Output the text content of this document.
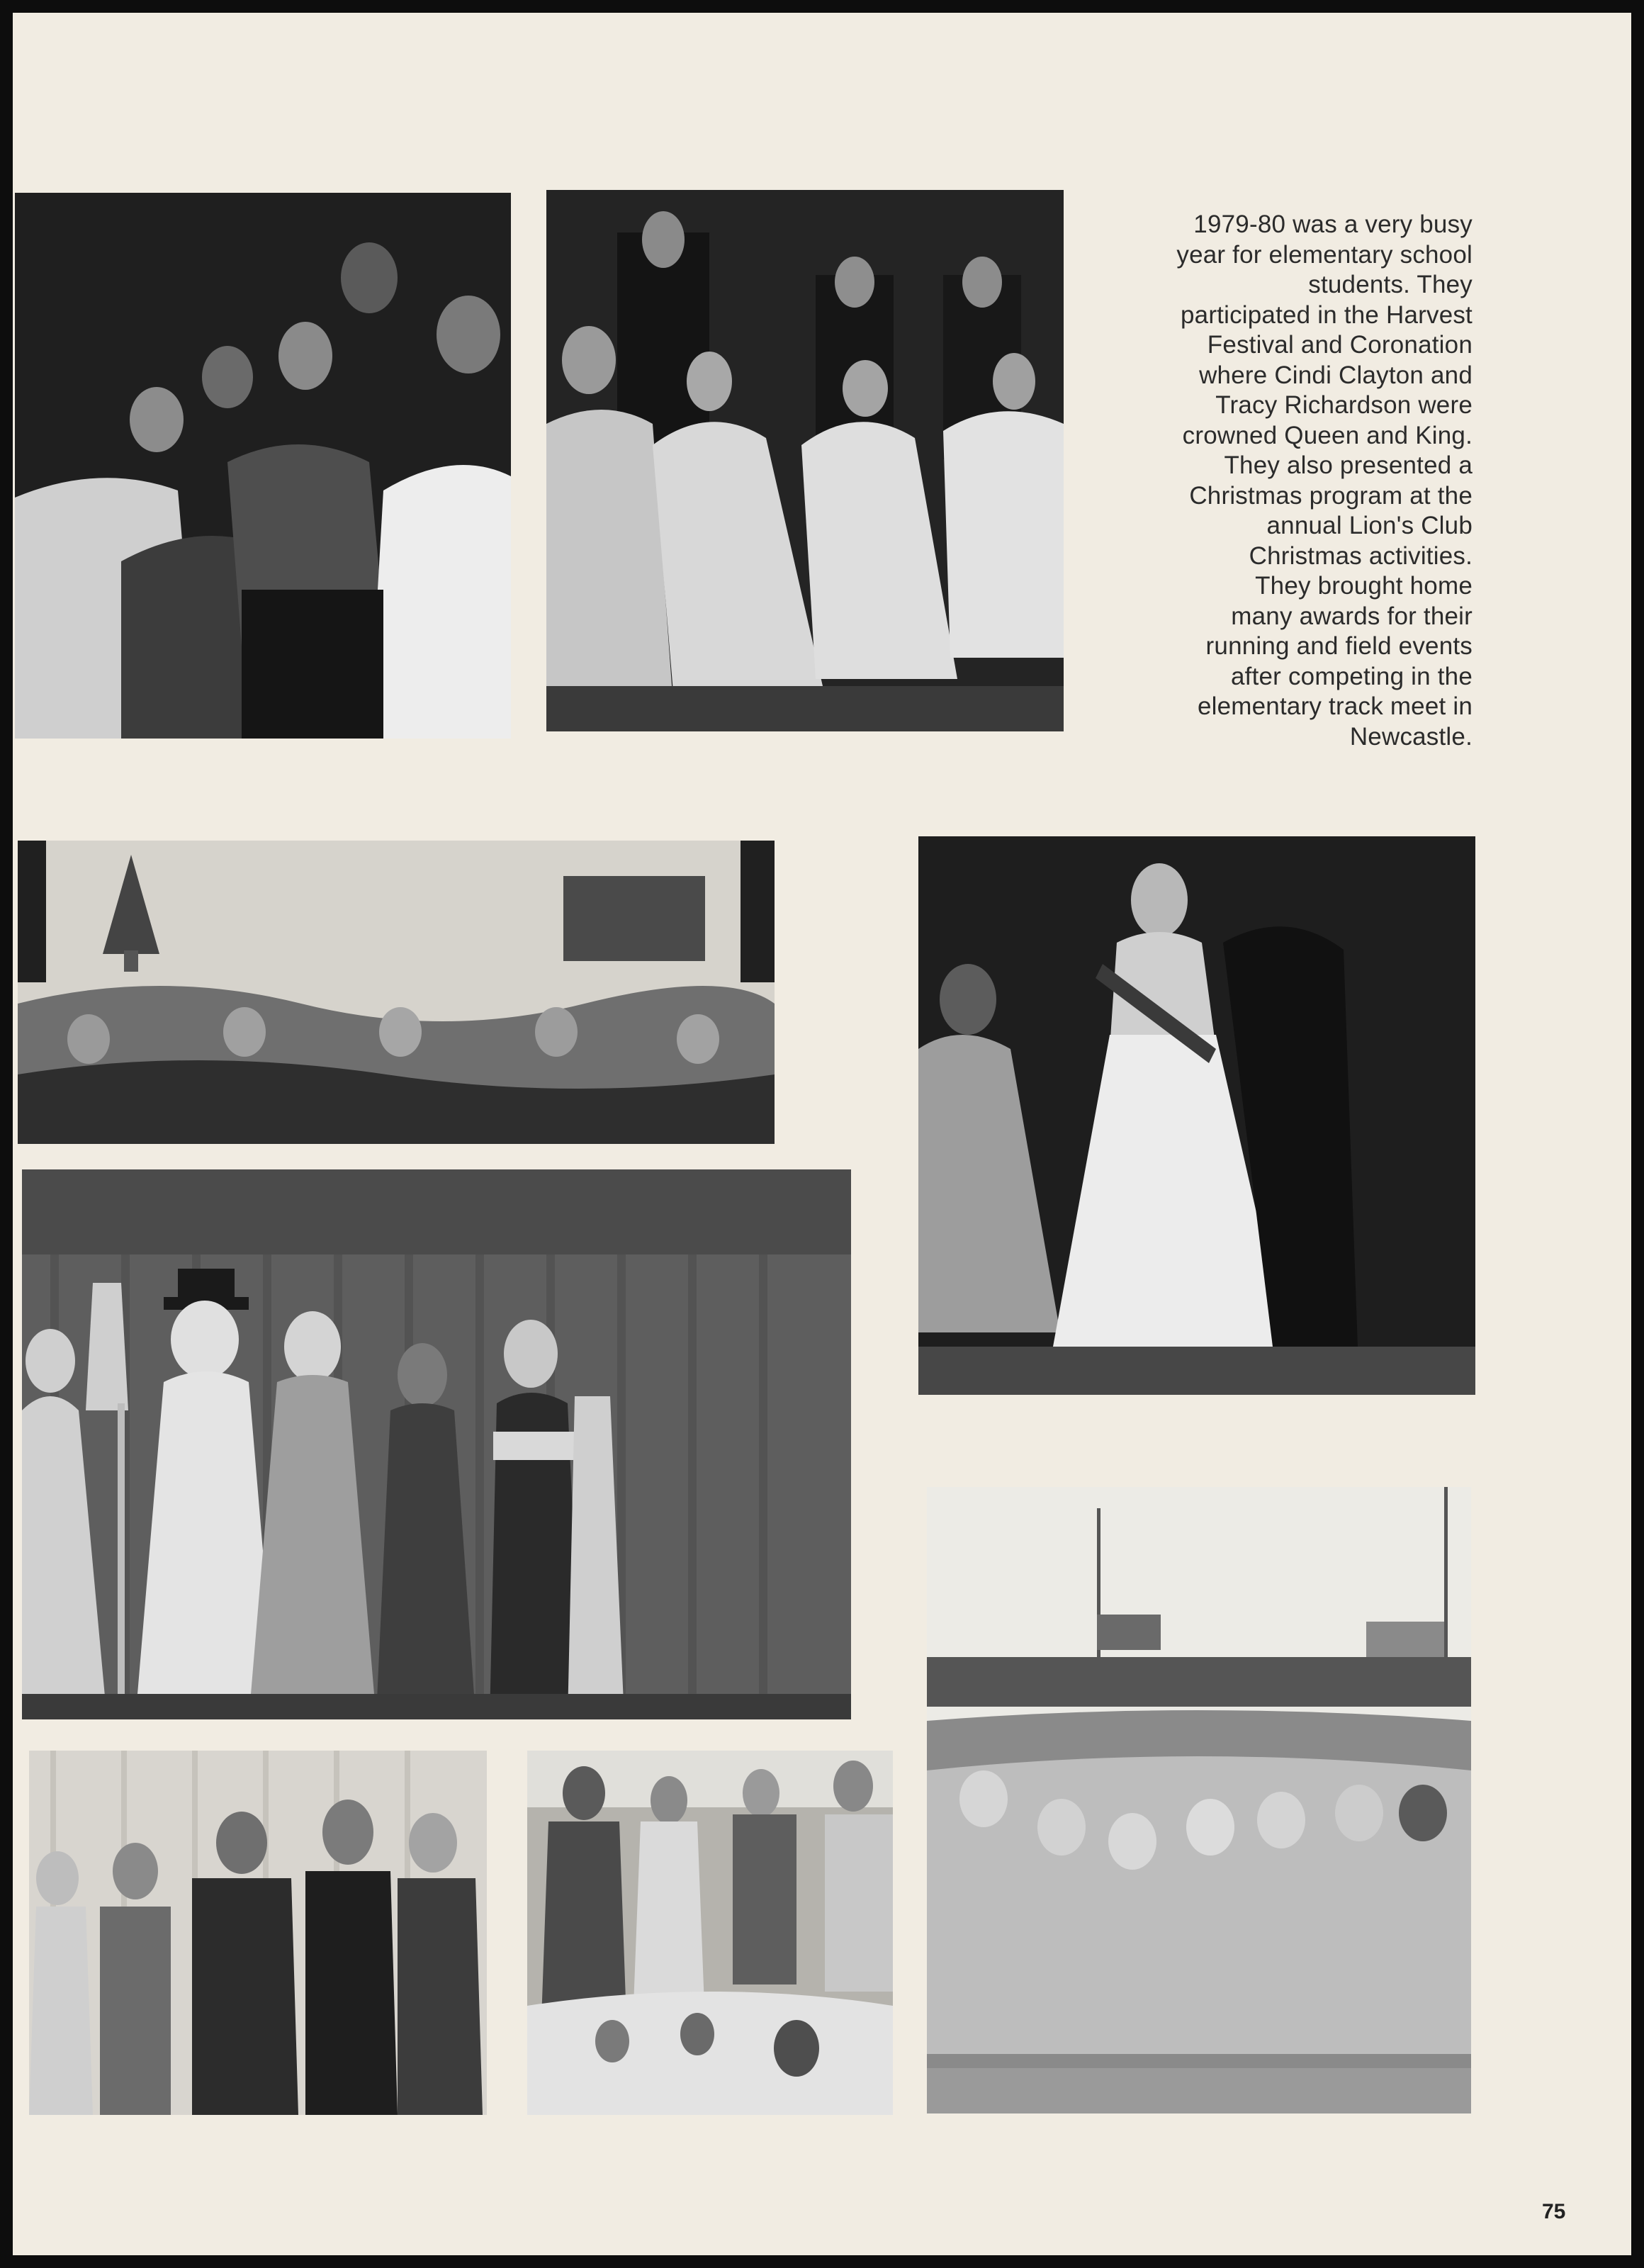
1979-80 was a very busy
year for elementary school
students. They
participated in the Harvest
Festival and Coronation
where Cindi Clayton and
Tracy Richardson were
crowned Queen and King.
They also presented a
Christmas program at the
annual Lion's Club
Christmas activities.
They brought home
many awards for their
running and field events
after competing in the
elementary track meet in
Newcastle.
75
